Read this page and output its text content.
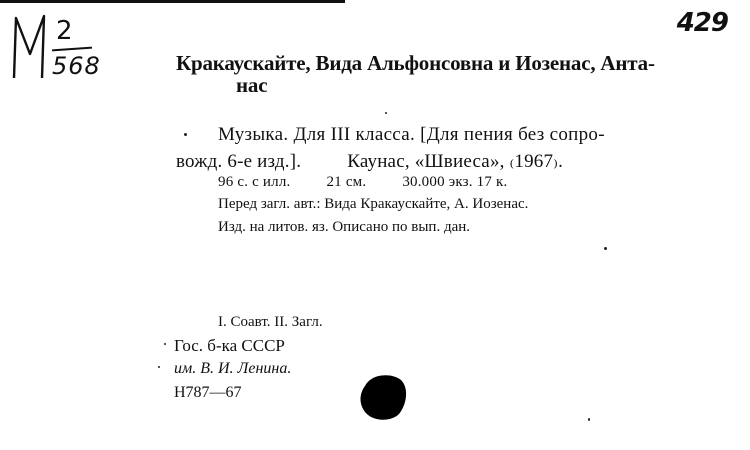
2
568
429
Кракаускайте, Вида Альфонсовна и Иозенас, Анта-
нас
Музыка. Для III класса. [Для пения без сопро-
вожд. 6-е изд.]. Каунас, «Швиеса», ₍1967₎.
96 с. с илл. 21 см. 30.000 экз. 17 к.
Перед загл. авт.: Вида Кракаускайте, А. Иозенас.
Изд. на литов. яз. Описано по вып. дан.
I. Соавт. II. Загл.
Гос. б-ка СССР
им. В. И. Ленина.
Н787—67
